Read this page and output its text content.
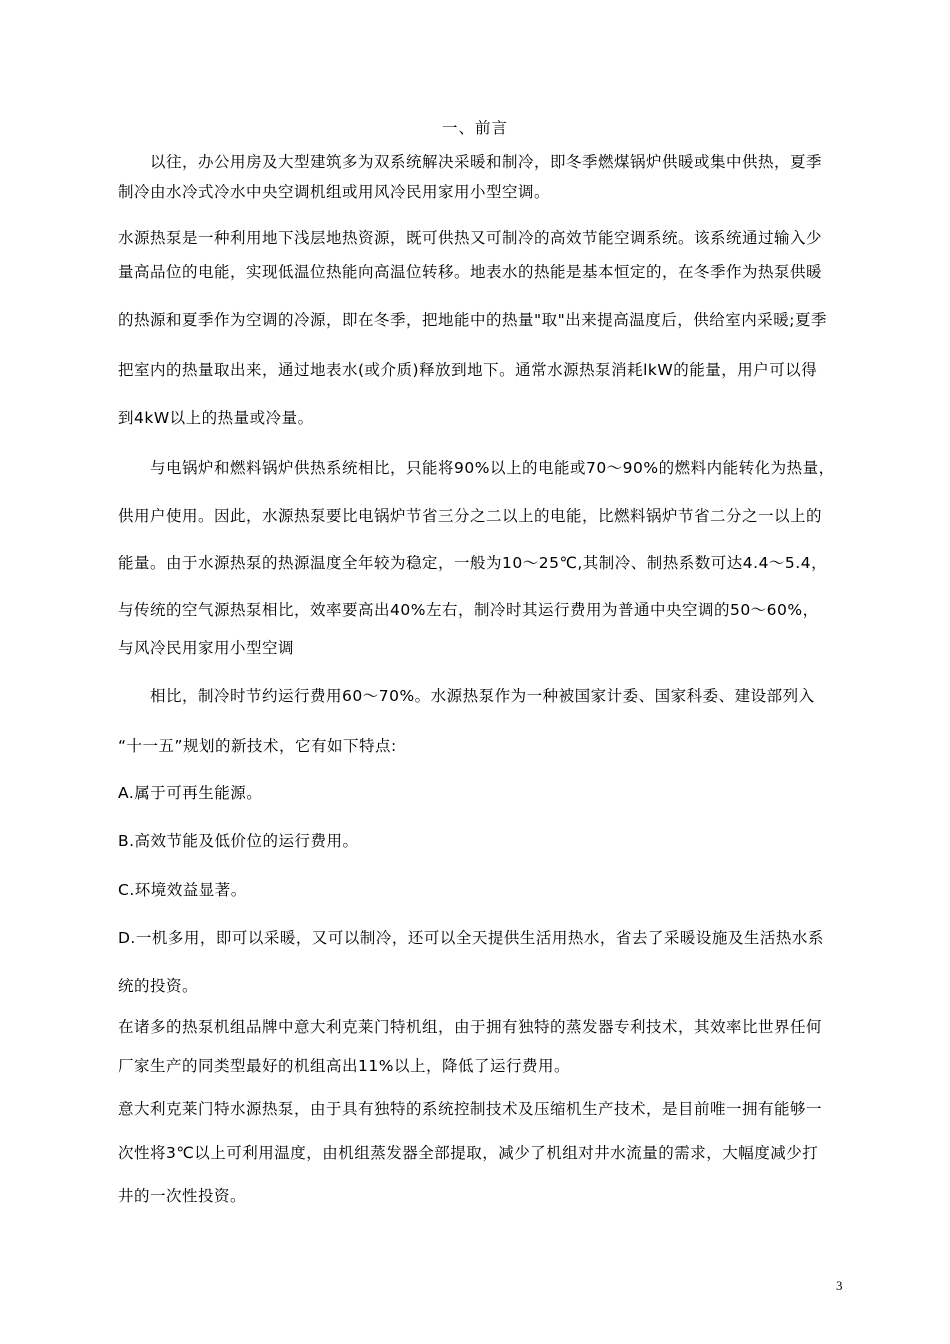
一、前言
以往，办公用房及大型建筑多为双系统解决采暖和制冷，即冬季燃煤锅炉供暖或集中供热，夏季
制冷由水冷式冷水中央空调机组或用风冷民用家用小型空调。
水源热泵是一种利用地下浅层地热资源，既可供热又可制冷的高效节能空调系统。该系统通过输入少
量高品位的电能，实现低温位热能向高温位转移。地表水的热能是基本恒定的，在冬季作为热泵供暖
的热源和夏季作为空调的冷源，即在冬季，把地能中的热量"取"出来提高温度后，供给室内采暖;夏季
把室内的热量取出来，通过地表水(或介质)释放到地下。通常水源热泵消耗lkW的能量，用户可以得
到4kW以上的热量或冷量。
与电锅炉和燃料锅炉供热系统相比，只能将90%以上的电能或70～90%的燃料内能转化为热量，
供用户使用。因此，水源热泵要比电锅炉节省三分之二以上的电能，比燃料锅炉节省二分之一以上的
能量。由于水源热泵的热源温度全年较为稳定，一般为10～25℃,其制冷、制热系数可达4.4～5.4，
与传统的空气源热泵相比，效率要高出40%左右，制冷时其运行费用为普通中央空调的50～60%，
与风冷民用家用小型空调
相比，制冷时节约运行费用60～70%。水源热泵作为一种被国家计委、国家科委、建设部列入
“十一五”规划的新技术，它有如下特点:
A.属于可再生能源。
B.高效节能及低价位的运行费用。
C.环境效益显著。
D.一机多用，即可以采暖，又可以制冷，还可以全天提供生活用热水，省去了采暖设施及生活热水系
统的投资。
在诸多的热泵机组品牌中意大利克莱门特机组，由于拥有独特的蒸发器专利技术，其效率比世界任何
厂家生产的同类型最好的机组高出11%以上，降低了运行费用。
意大利克莱门特水源热泵，由于具有独特的系统控制技术及压缩机生产技术，是目前唯一拥有能够一
次性将3℃以上可利用温度，由机组蒸发器全部提取，减少了机组对井水流量的需求，大幅度减少打
井的一次性投资。
3
